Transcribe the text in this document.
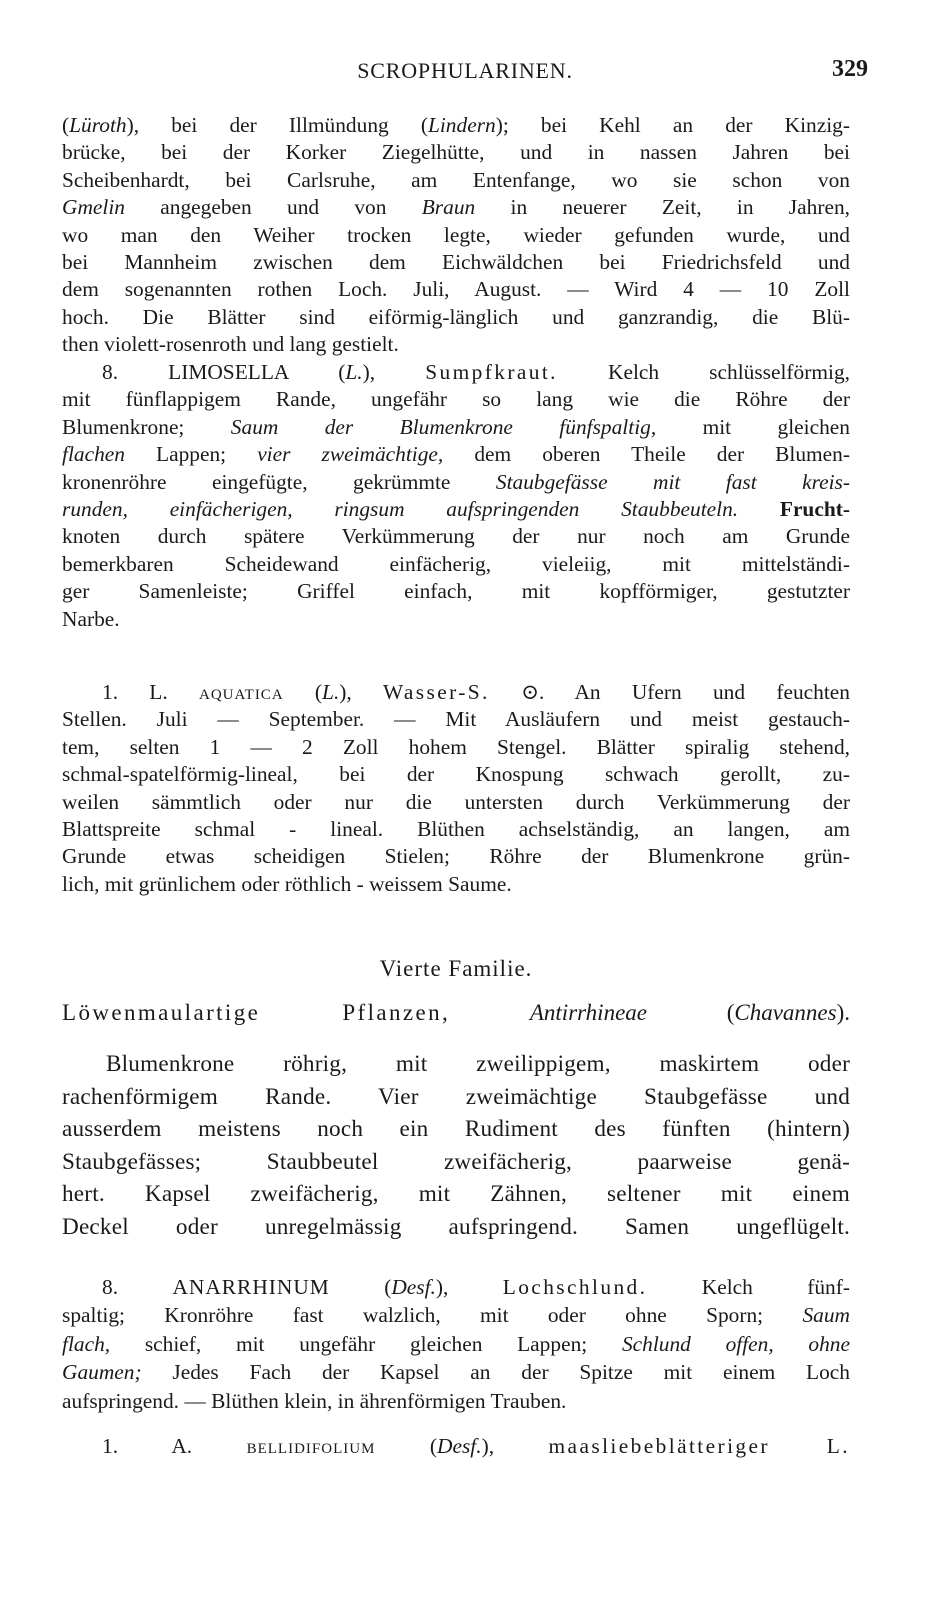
SCROPHULARINEN.	329
(Lüroth), bei der Illmündung (Lindern); bei Kehl an der Kinzig-
brücke, bei der Korker Ziegelhütte, und in nassen Jahren bei
Scheibenhardt, bei Carlsruhe, am Entenfange, wo sie schon von
Gmelin angegeben und von Braun in neuerer Zeit, in Jahren,
wo man den Weiher trocken legte, wieder gefunden wurde, und
bei Mannheim zwischen dem Eichwäldchen bei Friedrichsfeld und
dem sogenannten rothen Loch. Juli, August. — Wird 4 — 10 Zoll
hoch. Die Blätter sind eiförmig-länglich und ganzrandig, die Blü-
then violett-rosenroth und lang gestielt.
8. LIMOSELLA (L.), Sumpfkraut. Kelch schlüsselförmig,
mit fünflappigem Rande, ungefähr so lang wie die Röhre der
Blumenkrone; Saum der Blumenkrone fünfspaltig, mit gleichen
flachen Lappen; vier zweimächtige, dem oberen Theile der Blumen-
kronenröhre eingefügte, gekrümmte Staubgefässe mit fast kreis-
runden, einfächerigen, ringsum aufspringenden Staubbeuteln. Frucht-
knoten durch spätere Verkümmerung der nur noch am Grunde
bemerkbaren Scheidewand einfächerig, vieleiig, mit mittelständi-
ger Samenleiste; Griffel einfach, mit kopfförmiger, gestutzter
Narbe.
1. L. aquatica (L.), Wasser-S. ⊙. An Ufern und feuchten
Stellen. Juli — September. — Mit Ausläufern und meist gestauch-
tem, selten 1 — 2 Zoll hohem Stengel. Blätter spiralig stehend,
schmal-spatelförmig-lineal, bei der Knospung schwach gerollt, zu-
weilen sämmtlich oder nur die untersten durch Verkümmerung der
Blattspreite schmal - lineal. Blüthen achselständig, an langen, am
Grunde etwas scheidigen Stielen; Röhre der Blumenkrone grün-
lich, mit grünlichem oder röthlich - weissem Saume.
Vierte Familie.
Löwenmaulartige Pflanzen,	Antirrhineae (Chavannes).
Blumenkrone röhrig, mit zweilippigem, maskirtem oder
rachenförmigem Rande. Vier zweimächtige Staubgefässe und
ausserdem meistens noch ein Rudiment des fünften (hintern)
Staubgefässes; Staubbeutel zweifächerig, paarweise genä-
hert. Kapsel zweifächerig, mit Zähnen, seltener mit einem
Deckel oder unregelmässig aufspringend. Samen ungeflügelt.
8.	ANARRHINUM (Desf.), Lochschlund.	Kelch fünf-
spaltig; Kronröhre fast walzlich, mit oder ohne Sporn; Saum
flach, schief, mit ungefähr gleichen Lappen; Schlund offen, ohne
Gaumen; Jedes Fach der Kapsel an der Spitze mit einem Loch
aufspringend. — Blüthen klein, in ährenförmigen Trauben.
1. A.	bellidifolium (Desf.), maasliebeblätteriger L.
